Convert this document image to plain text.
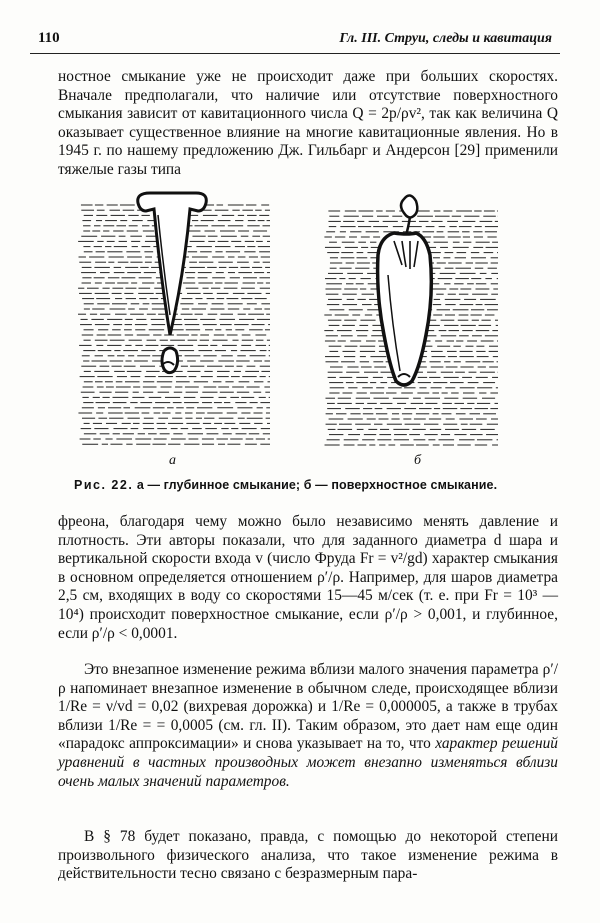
110	Гл. III. Струи, следы и кавитация

ностное смыкание уже не происходит даже при больших скоростях. Вначале предполагали, что наличие или отсутствие поверхностного смыкания зависит от кавитационного числа Q = 2p/ρv², так как величина Q оказывает существенное влияние на многие кавитационные явления. Но в 1945 г. по нашему предложению Дж. Гильбарг и Андерсон [29] применили тяжелые газы типа

а	б
Рис. 22. а — глубинное смыкание; б — поверхностное смыкание.

фреона, благодаря чему можно было независимо менять давление и плотность. Эти авторы показали, что для заданного диаметра d шара и вертикальной скорости входа v (число Фруда Fr = v²/gd) характер смыкания в основном определяется отношением ρ′/ρ. Например, для шаров диаметра 2,5 см, входящих в воду со скоростями 15—45 м/сек (т. е. при Fr = 10³ — 10⁴) происходит поверхностное смыкание, если ρ′/ρ > 0,001, и глубинное, если ρ′/ρ < 0,0001.

Это внезапное изменение режима вблизи малого значения параметра ρ′/ρ напоминает внезапное изменение в обычном следе, происходящее вблизи 1/Re = ν/vd = 0,02 (вихревая дорожка) и 1/Re = 0,000005, а также в трубах вблизи 1/Re = = 0,0005 (см. гл. II). Таким образом, это дает нам еще один «парадокс аппроксимации» и снова указывает на то, что характер решений уравнений в частных производных может внезапно изменяться вблизи очень малых значений параметров.

В § 78 будет показано, правда, с помощью до некоторой степени произвольного физического анализа, что такое изменение режима в действительности тесно связано с безразмерным пара-
